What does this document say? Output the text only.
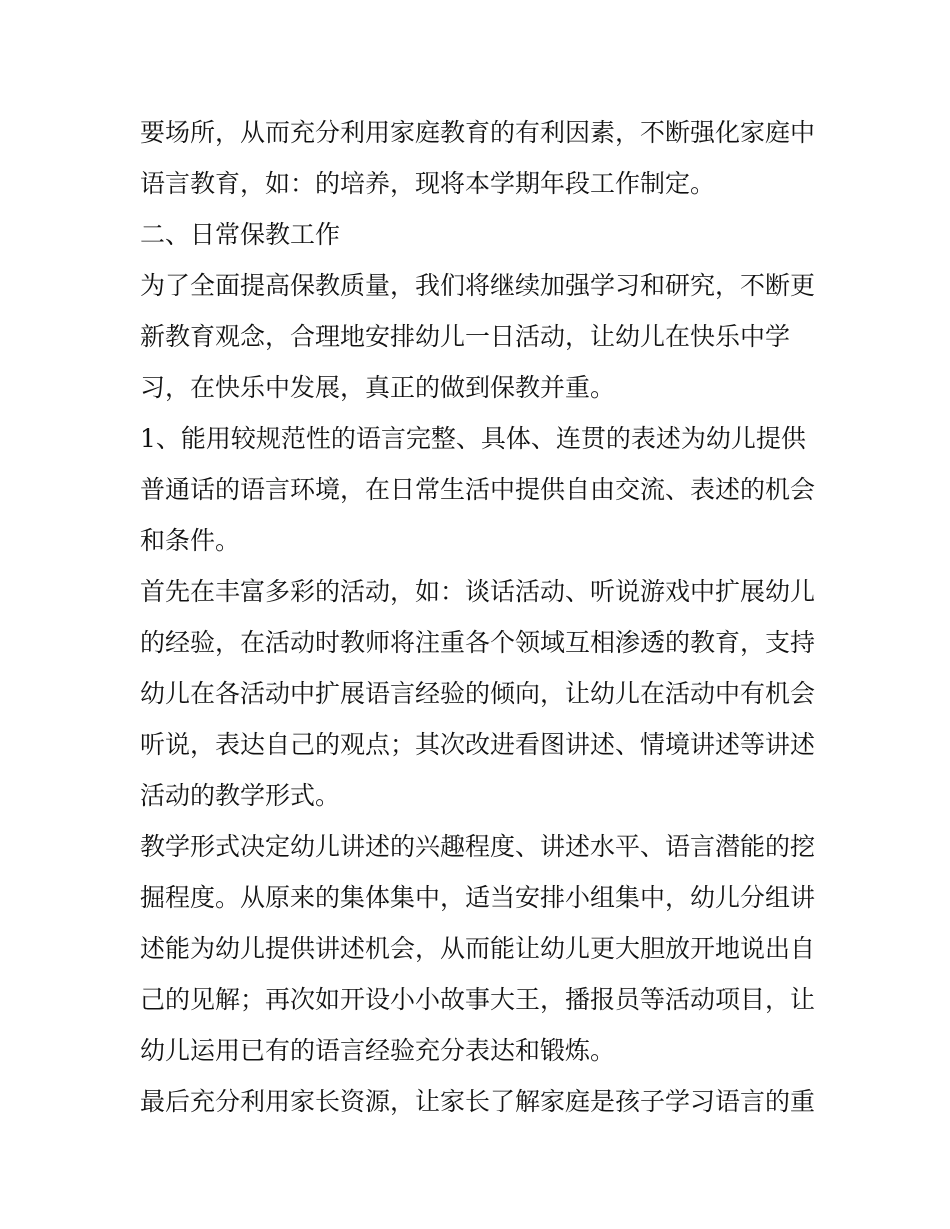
要场所，从而充分利用家庭教育的有利因素，不断强化家庭中
语言教育，如：的培养，现将本学期年段工作制定。
二、日常保教工作
为了全面提高保教质量，我们将继续加强学习和研究，不断更
新教育观念，合理地安排幼儿一日活动，让幼儿在快乐中学
习，在快乐中发展，真正的做到保教并重。
1、能用较规范性的语言完整、具体、连贯的表述为幼儿提供
普通话的语言环境，在日常生活中提供自由交流、表述的机会
和条件。
首先在丰富多彩的活动，如：谈话活动、听说游戏中扩展幼儿
的经验，在活动时教师将注重各个领域互相渗透的教育，支持
幼儿在各活动中扩展语言经验的倾向，让幼儿在活动中有机会
听说，表达自己的观点；其次改进看图讲述、情境讲述等讲述
活动的教学形式。
教学形式决定幼儿讲述的兴趣程度、讲述水平、语言潜能的挖
掘程度。从原来的集体集中，适当安排小组集中，幼儿分组讲
述能为幼儿提供讲述机会，从而能让幼儿更大胆放开地说出自
己的见解；再次如开设小小故事大王，播报员等活动项目，让
幼儿运用已有的语言经验充分表达和锻炼。
最后充分利用家长资源，让家长了解家庭是孩子学习语言的重
